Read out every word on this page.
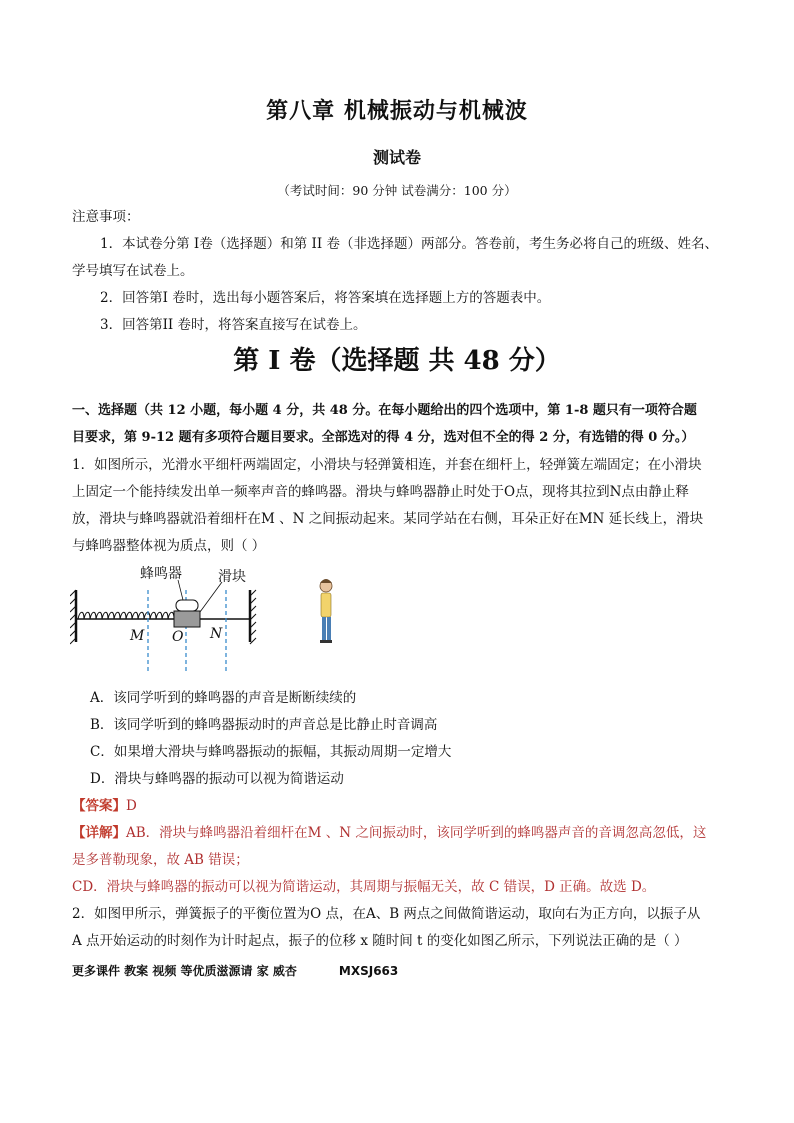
第八章 机械振动与机械波
测试卷
（考试时间：90 分钟 试卷满分：100 分）
注意事项：
1．本试卷分第 I卷（选择题）和第 II 卷（非选择题）两部分。答卷前，考生务必将自己的班级、姓名、
学号填写在试卷上。
2．回答第I 卷时，选出每小题答案后，将答案填在选择题上方的答题表中。
3．回答第II 卷时，将答案直接写在试卷上。
第 I 卷（选择题 共 48 分）
一、选择题（共 12 小题，每小题 4 分，共 48 分。在每小题给出的四个选项中，第 1-8 题只有一项符合题
目要求，第 9-12 题有多项符合题目要求。全部选对的得 4 分，选对但不全的得 2 分，有选错的得 0 分。）
1．如图所示，光滑水平细杆两端固定，小滑块与轻弹簧相连，并套在细杆上，轻弹簧左端固定；在小滑块
上固定一个能持续发出单一频率声音的蜂鸣器。滑块与蜂鸣器静止时处于O点，现将其拉到N点由静止释
放，滑块与蜂鸣器就沿着细杆在M 、N 之间振动起来。某同学站在右侧，耳朵正好在MN 延长线上，滑块
与蜂鸣器整体视为质点，则（ ）
蜂鸣器	滑块
M O N
A．该同学听到的蜂鸣器的声音是断断续续的
B．该同学听到的蜂鸣器振动时的声音总是比静止时音调高
C．如果增大滑块与蜂鸣器振动的振幅，其振动周期一定增大
D．滑块与蜂鸣器的振动可以视为简谐运动
【答案】D
【详解】AB．滑块与蜂鸣器沿着细杆在M 、N 之间振动时，该同学听到的蜂鸣器声音的音调忽高忽低，这
是多普勒现象，故 AB 错误；
CD．滑块与蜂鸣器的振动可以视为简谐运动，其周期与振幅无关，故 C 错误，D 正确。故选 D。
2．如图甲所示，弹簧振子的平衡位置为O 点，在A、B 两点之间做简谐运动，取向右为正方向，以振子从
A 点开始运动的时刻作为计时起点，振子的位移 x 随时间 t 的变化如图乙所示，下列说法正确的是（ ）
更多课件 教案 视频 等优质滋源请 家 威杏	MXSJ663
